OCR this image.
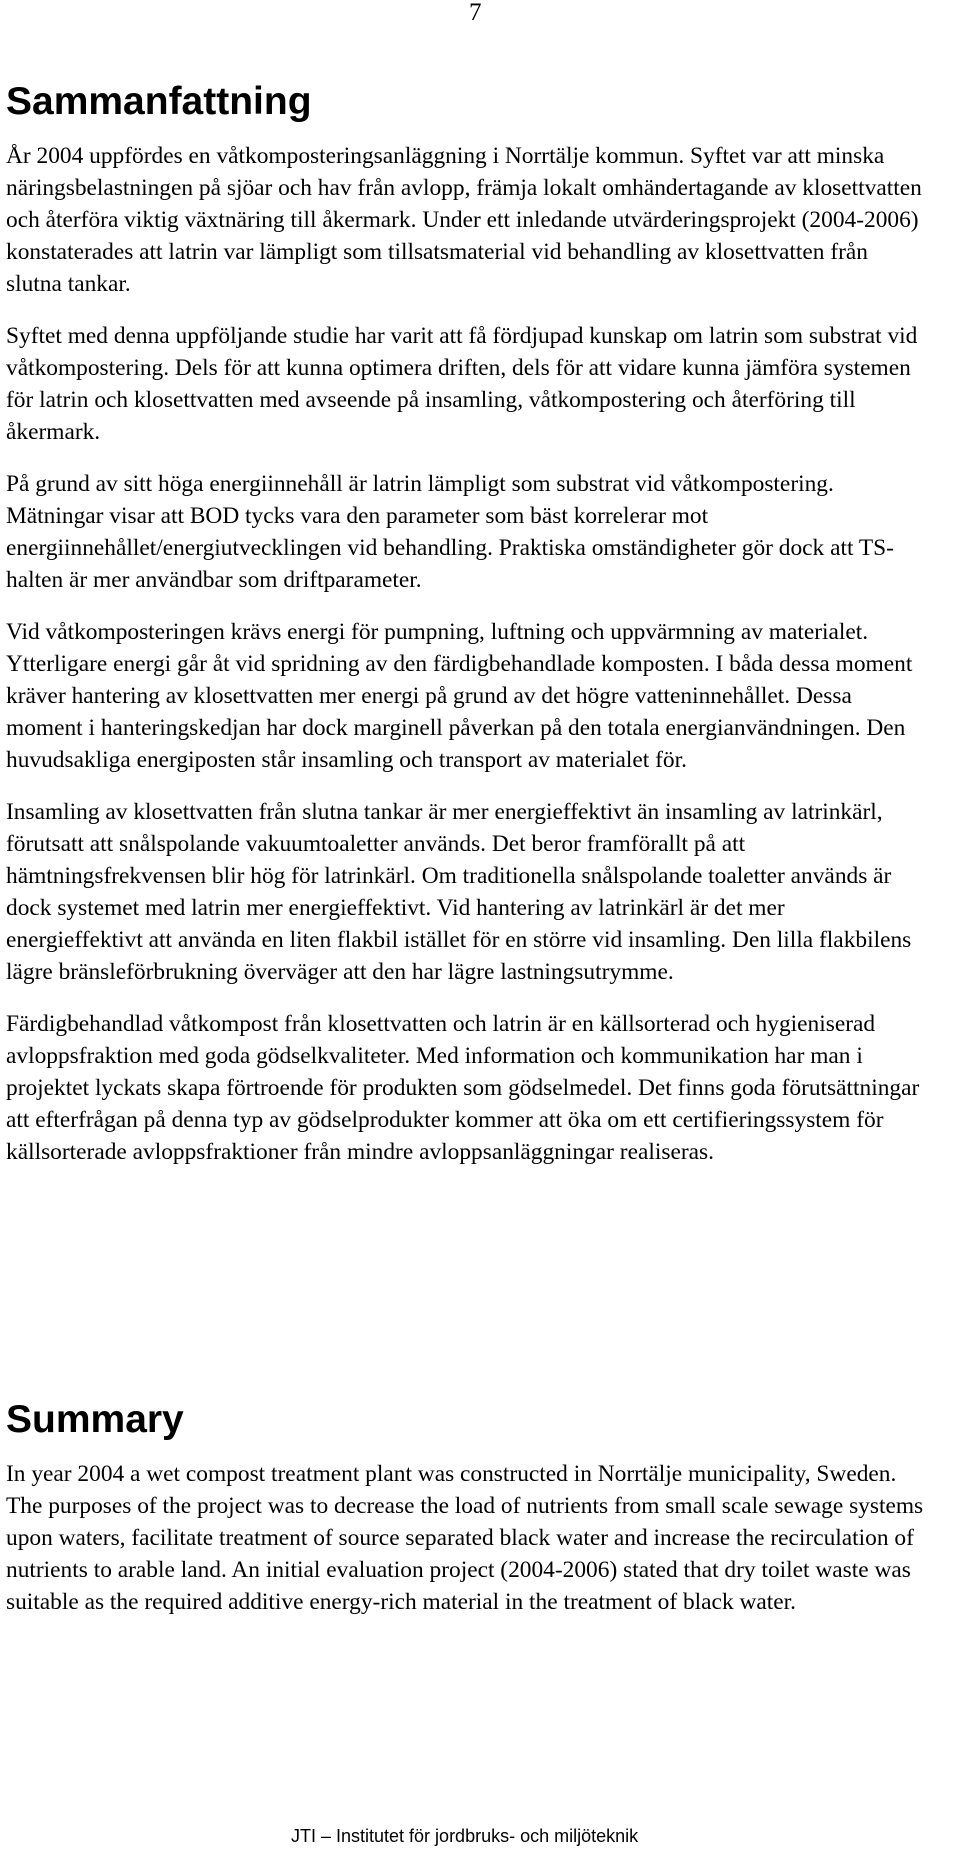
7
Sammanfattning

År 2004 uppfördes en våtkomposteringsanläggning i Norrtälje kommun. Syftet var att minska näringsbelastningen på sjöar och hav från avlopp, främja lokalt omhändertagande av klosettvatten och återföra viktig växtnäring till åkermark. Under ett inledande utvärderingsprojekt (2004-2006) konstaterades att latrin var lämpligt som tillsatsmaterial vid behandling av klosettvatten från slutna tankar.

Syftet med denna uppföljande studie har varit att få fördjupad kunskap om latrin som substrat vid våtkompostering. Dels för att kunna optimera driften, dels för att vidare kunna jämföra systemen för latrin och klosettvatten med avseende på insamling, våtkompostering och återföring till åkermark.

På grund av sitt höga energiinnehåll är latrin lämpligt som substrat vid våtkompostering. Mätningar visar att BOD tycks vara den parameter som bäst korrelerar mot energiinnehållet/energiutvecklingen vid behandling. Praktiska omständigheter gör dock att TS-halten är mer användbar som driftparameter.

Vid våtkomposteringen krävs energi för pumpning, luftning och uppvärmning av materialet. Ytterligare energi går åt vid spridning av den färdigbehandlade komposten. I båda dessa moment kräver hantering av klosettvatten mer energi på grund av det högre vatteninnehållet. Dessa moment i hanteringskedjan har dock marginell påverkan på den totala energianvändningen. Den huvudsakliga energiposten står insamling och transport av materialet för.

Insamling av klosettvatten från slutna tankar är mer energieffektivt än insamling av latrinkärl, förutsatt att snålspolande vakuumtoaletter används. Det beror framförallt på att hämtningsfrekvensen blir hög för latrinkärl. Om traditionella snålspolande toaletter används är dock systemet med latrin mer energieffektivt. Vid hantering av latrinkärl är det mer energieffektivt att använda en liten flakbil istället för en större vid insamling. Den lilla flakbilens lägre bränsleförbrukning överväger att den har lägre lastningsutrymme.

Färdigbehandlad våtkompost från klosettvatten och latrin är en källsorterad och hygieniserad avloppsfraktion med goda gödselkvaliteter. Med information och kommunikation har man i projektet lyckats skapa förtroende för produkten som gödselmedel. Det finns goda förutsättningar att efterfrågan på denna typ av gödselprodukter kommer att öka om ett certifieringssystem för källsorterade avloppsfraktioner från mindre avloppsanläggningar realiseras.

Summary

In year 2004 a wet compost treatment plant was constructed in Norrtälje municipality, Sweden. The purposes of the project was to decrease the load of nutrients from small scale sewage systems upon waters, facilitate treatment of source separated black water and increase the recirculation of nutrients to arable land. An initial evaluation project (2004-2006) stated that dry toilet waste was suitable as the required additive energy-rich material in the treatment of black water.

JTI – Institutet för jordbruks- och miljöteknik
